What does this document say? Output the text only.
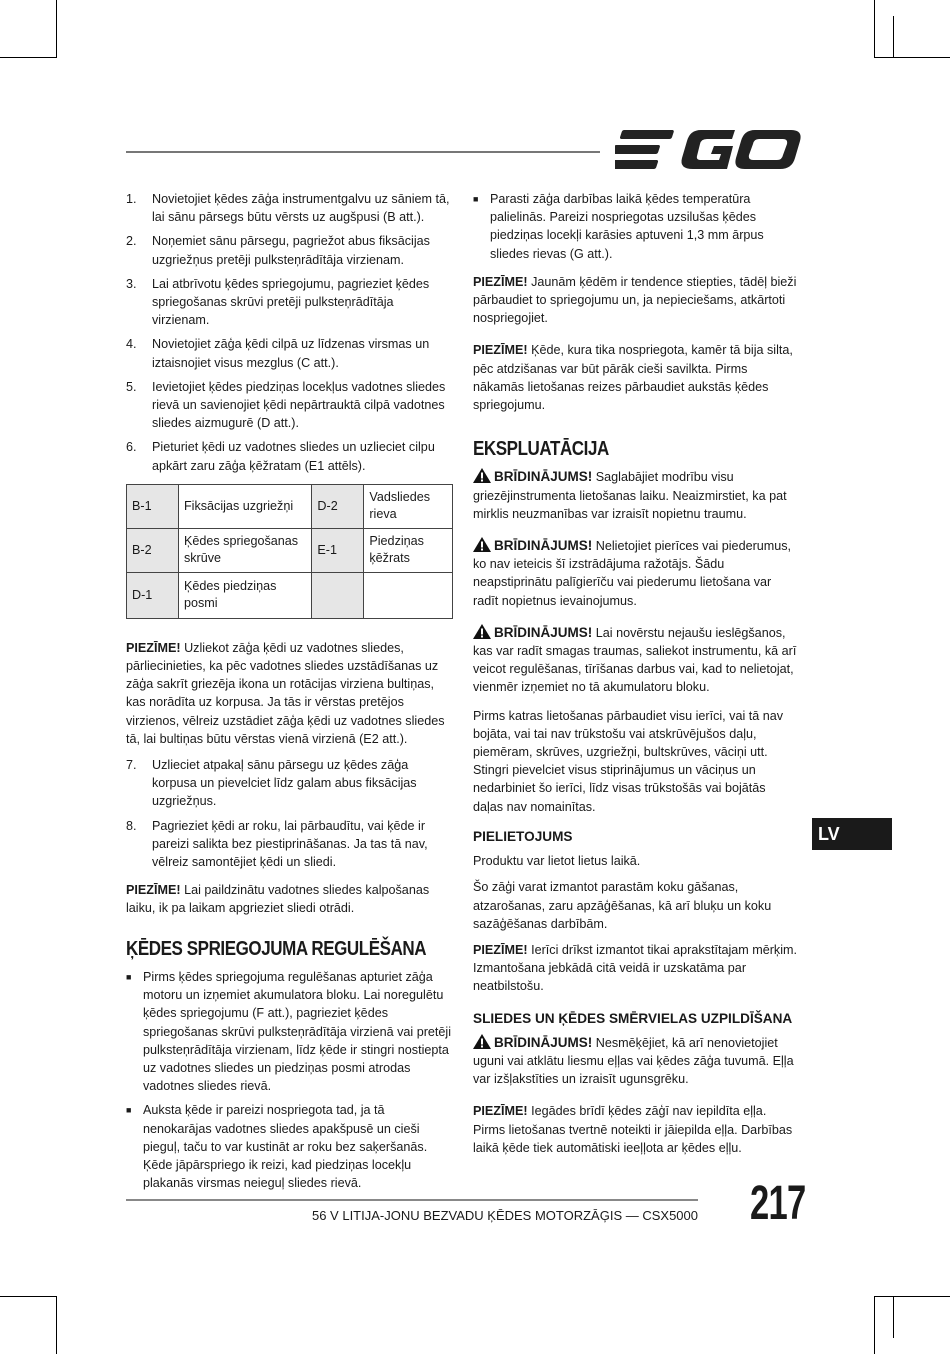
1.	Novietojiet ķēdes zāģa instrumentgalvu uz sāniem tā, lai sānu pārsegs būtu vērsts uz augšpusi (B att.).
2.	Noņemiet sānu pārsegu, pagriežot abus fiksācijas uzgriežņus pretēji pulksteņrādītāja virzienam.
3.	Lai atbrīvotu ķēdes spriegojumu, pagrieziet ķēdes spriegošanas skrūvi pretēji pulksteņrādītāja virzienam.
4.	Novietojiet zāģa ķēdi cilpā uz līdzenas virsmas un iztaisnojiet visus mezglus (C att.).
5.	Ievietojiet ķēdes piedziņas locekļus vadotnes sliedes rievā un savienojiet ķēdi nepārtrauktā cilpā vadotnes sliedes aizmugurē (D att.).
6.	Pieturiet ķēdi uz vadotnes sliedes un uzlieciet cilpu apkārt zaru zāģa ķēžratam (E1 attēls).
B-1	Fiksācijas uzgriežņi	D-2	Vadsliedes rieva
B-2	Ķēdes spriegošanas skrūve	E-1	Piedziņas ķēžrats
D-1	Ķēdes piedziņas posmi		

PIEZĪME! Uzliekot zāģa ķēdi uz vadotnes sliedes, pārliecinieties, ka pēc vadotnes sliedes uzstādīšanas uz zāģa sakrīt griezēja ikona un rotācijas virziena bultiņas, kas norādīta uz korpusa. Ja tās ir vērstas pretējos virzienos, vēlreiz uzstādiet zāģa ķēdi uz vadotnes sliedes tā, lai bultiņas būtu vērstas vienā virzienā (E2 att.).

7.	Uzlieciet atpakaļ sānu pārsegu uz ķēdes zāģa korpusa un pievelciet līdz galam abus fiksācijas uzgriežņus.
8.	Pagrieziet ķēdi ar roku, lai pārbaudītu, vai ķēde ir pareizi salikta bez piestiprināšanas. Ja tas tā nav, vēlreiz samontējiet ķēdi un sliedi.

PIEZĪME! Lai paildzinātu vadotnes sliedes kalpošanas laiku, ik pa laikam apgrieziet sliedi otrādi.

ĶĒDES SPRIEGOJUMA REGULĒŠANA
■ Pirms ķēdes spriegojuma regulēšanas apturiet zāģa motoru un izņemiet akumulatora bloku. Lai noregulētu ķēdes spriegojumu (F att.), pagrieziet ķēdes spriegošanas skrūvi pulksteņrādītāja virzienā vai pretēji pulksteņrādītāja virzienam, līdz ķēde ir stingri nostiepta uz vadotnes sliedes un piedziņas posmi atrodas vadotnes sliedes rievā.
■ Auksta ķēde ir pareizi nospriegota tad, ja tā nenokarājas vadotnes sliedes apakšpusē un cieši pieguļ, taču to var kustināt ar roku bez saķeršanās. Ķēde jāpārspriego ik reizi, kad piedziņas locekļu plakanās virsmas neieguļ sliedes rievā.
■ Parasti zāģa darbības laikā ķēdes temperatūra palielinās. Pareizi nospriegotas uzsilušas ķēdes piedziņas locekļi karāsies aptuveni 1,3 mm ārpus sliedes rievas (G att.).

PIEZĪME! Jaunām ķēdēm ir tendence stiepties, tādēļ bieži pārbaudiet to spriegojumu un, ja nepieciešams, atkārtoti nospriegojiet.

PIEZĪME! Ķēde, kura tika nospriegota, kamēr tā bija silta, pēc atdzišanas var būt pārāk cieši savilkta. Pirms nākamās lietošanas reizes pārbaudiet aukstās ķēdes spriegojumu.

EKSPLUATĀCIJA

BRĪDINĀJUMS! Saglabājiet modrību visu griezējinstrumenta lietošanas laiku. Neaizmirstiet, ka pat mirklis neuzmanības var izraisīt nopietnu traumu.

BRĪDINĀJUMS! Nelietojiet pierīces vai piederumus, ko nav ieteicis šī izstrādājuma ražotājs. Šādu neapstiprinātu palīgierīču vai piederumu lietošana var radīt nopietnus ievainojumus.

BRĪDINĀJUMS! Lai novērstu nejaušu ieslēgšanos, kas var radīt smagas traumas, saliekot instrumentu, kā arī veicot regulēšanas, tīrīšanas darbus vai, kad to nelietojat, vienmēr izņemiet no tā akumulatoru bloku.

Pirms katras lietošanas pārbaudiet visu ierīci, vai tā nav bojāta, vai tai nav trūkstošu vai atskrūvējušos daļu, piemēram, skrūves, uzgriežņi, bultskrūves, vāciņi utt. Stingri pievelciet visus stiprinājumus un vāciņus un nedarbiniet šo ierīci, līdz visas trūkstošās vai bojātās daļas nav nomainītas.

PIELIETOJUMS

Produktu var lietot lietus laikā.

Šo zāģi varat izmantot parastām koku gāšanas, atzarošanas, zaru apzāģēšanas, kā arī bluķu un koku sazāģēšanas darbībām.

PIEZĪME! Ierīci drīkst izmantot tikai aprakstītajam mērķim. Izmantošana jebkādā citā veidā ir uzskatāma par neatbilstošu.

SLIEDES UN ĶĒDES SMĒRVIELAS UZPILDĪŠANA

BRĪDINĀJUMS! Nesmēķējiet, kā arī nenovietojiet uguni vai atklātu liesmu eļļas vai ķēdes zāģa tuvumā. Eļļa var izšļakstīties un izraisīt ugunsgrēku.

PIEZĪME! Iegādes brīdī ķēdes zāģī nav iepildīta eļļa. Pirms lietošanas tvertnē noteikti ir jāiepilda eļļa. Darbības laikā ķēde tiek automātiski ieeļļota ar ķēdes eļļu.

LV
56 V LITIJA-JONU BEZVADU ĶĒDES MOTORZĀĢIS — CSX5000 217
